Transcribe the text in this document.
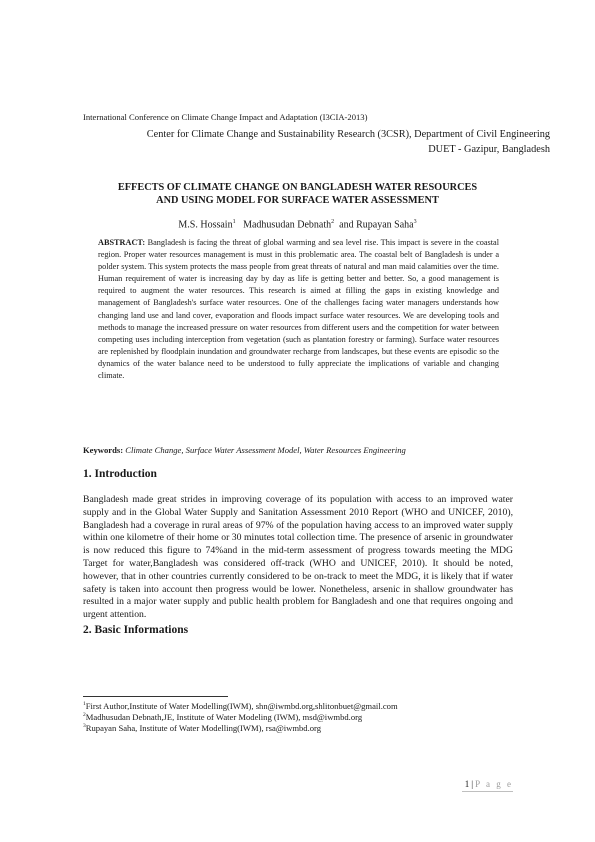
International Conference on Climate Change Impact and Adaptation (I3CIA-2013)
Center for Climate Change and Sustainability Research (3CSR), Department of Civil Engineering
DUET - Gazipur, Bangladesh
EFFECTS OF CLIMATE CHANGE ON BANGLADESH WATER RESOURCES
AND USING MODEL FOR SURFACE WATER ASSESSMENT
M.S. Hossain$^1$ Madhusudan Debnath$^2$ and Rupayan Saha$^3$
ABSTRACT: Bangladesh is facing the threat of global warming and sea level rise. This impact is severe in the coastal region. Proper water resources management is must in this problematic area. The coastal belt of Bangladesh is under a polder system. This system protects the mass people from great threats of natural and man maid calamities over the time. Human requirement of water is increasing day by day as life is getting better and better. So, a good management is required to augment the water resources. This research is aimed at filling the gaps in existing knowledge and management of Bangladesh's surface water resources. One of the challenges facing water managers understands how changing land use and land cover, evaporation and floods impact surface water resources. We are developing tools and methods to manage the increased pressure on water resources from different users and the competition for water between competing uses including interception from vegetation (such as plantation forestry or farming). Surface water resources are replenished by floodplain inundation and groundwater recharge from landscapes, but these events are episodic so the dynamics of the water balance need to be understood to fully appreciate the implications of variable and changing climate.
Keywords: Climate Change, Surface Water Assessment Model, Water Resources Engineering
1. Introduction
Bangladesh made great strides in improving coverage of its population with access to an improved water supply and in the Global Water Supply and Sanitation Assessment 2010 Report (WHO and UNICEF, 2010), Bangladesh had a coverage in rural areas of 97% of the population having access to an improved water supply within one kilometre of their home or 30 minutes total collection time. The presence of arsenic in groundwater is now reduced this figure to 74%and in the mid-term assessment of progress towards meeting the MDG Target for water,Bangladesh was considered off-track (WHO and UNICEF, 2010). It should be noted, however, that in other countries currently considered to be on-track to meet the MDG, it is likely that if water safety is taken into account then progress would be lower. Nonetheless, arsenic in shallow groundwater has resulted in a major water supply and public health problem for Bangladesh and one that requires ongoing and urgent attention.
2. Basic Informations
$^1$First Author,Institute of Water Modelling(IWM), shn@iwmbd.org,shlitonbuet@gmail.com
$^2$Madhusudan Debnath,JE, Institute of Water Modeling (IWM), msd@iwmbd.org
$^3$Rupayan Saha, Institute of Water Modelling(IWM), rsa@iwmbd.org
1 | P a g e
